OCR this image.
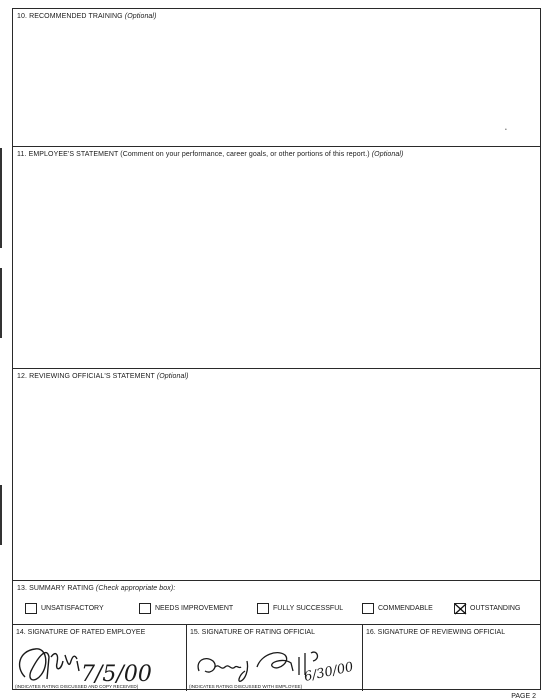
10. RECOMMENDED TRAINING (Optional)
•
11. EMPLOYEE'S STATEMENT (Comment on your performance, career goals, or other portions of this report.) (Optional)
12. REVIEWING OFFICIAL'S STATEMENT (Optional)
13. SUMMARY RATING (Check appropriate box):
UNSATISFACTORY	NEEDS IMPROVEMENT	FULLY SUCCESSFUL	COMMENDABLE	OUTSTANDING
14. SIGNATURE OF RATED EMPLOYEE
7/5/00
(INDICATES RATING DISCUSSED AND COPY RECEIVED)
15. SIGNATURE OF RATING OFFICIAL
6/30/00
(INDICATES RATING DISCUSSED WITH EMPLOYEE)
16. SIGNATURE OF REVIEWING OFFICIAL
PAGE 2
